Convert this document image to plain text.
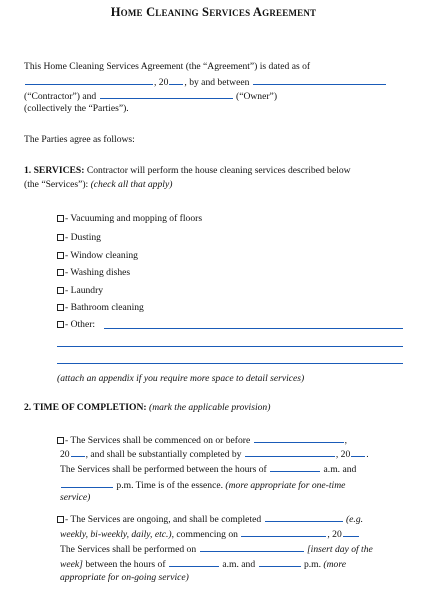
Home Cleaning Services Agreement
This Home Cleaning Services Agreement (the “Agreement”) is dated as of
, 20 , by and between
(“Contractor”) and	(“Owner”)
(collectively the “Parties”).
The Parties agree as follows:
1. SERVICES: Contractor will perform the house cleaning services described below
(the “Services”): (check all that apply)
- Vacuuming and mopping of floors
- Dusting
- Window cleaning
- Washing dishes
- Laundry
- Bathroom cleaning
- Other:
(attach an appendix if you require more space to detail services)
2. TIME OF COMPLETION: (mark the applicable provision)
- The Services shall be commenced on or before	,
20 , and shall be substantially completed by	, 20 .
The Services shall be performed between the hours of	a.m. and
p.m. Time is of the essence. (more appropriate for one-time
service)
- The Services are ongoing, and shall be completed	(e.g.
weekly, bi-weekly, daily, etc.), commencing on	, 20
The Services shall be performed on	[insert day of the
week] between the hours of	a.m. and	p.m. (more
appropriate for on-going service)
